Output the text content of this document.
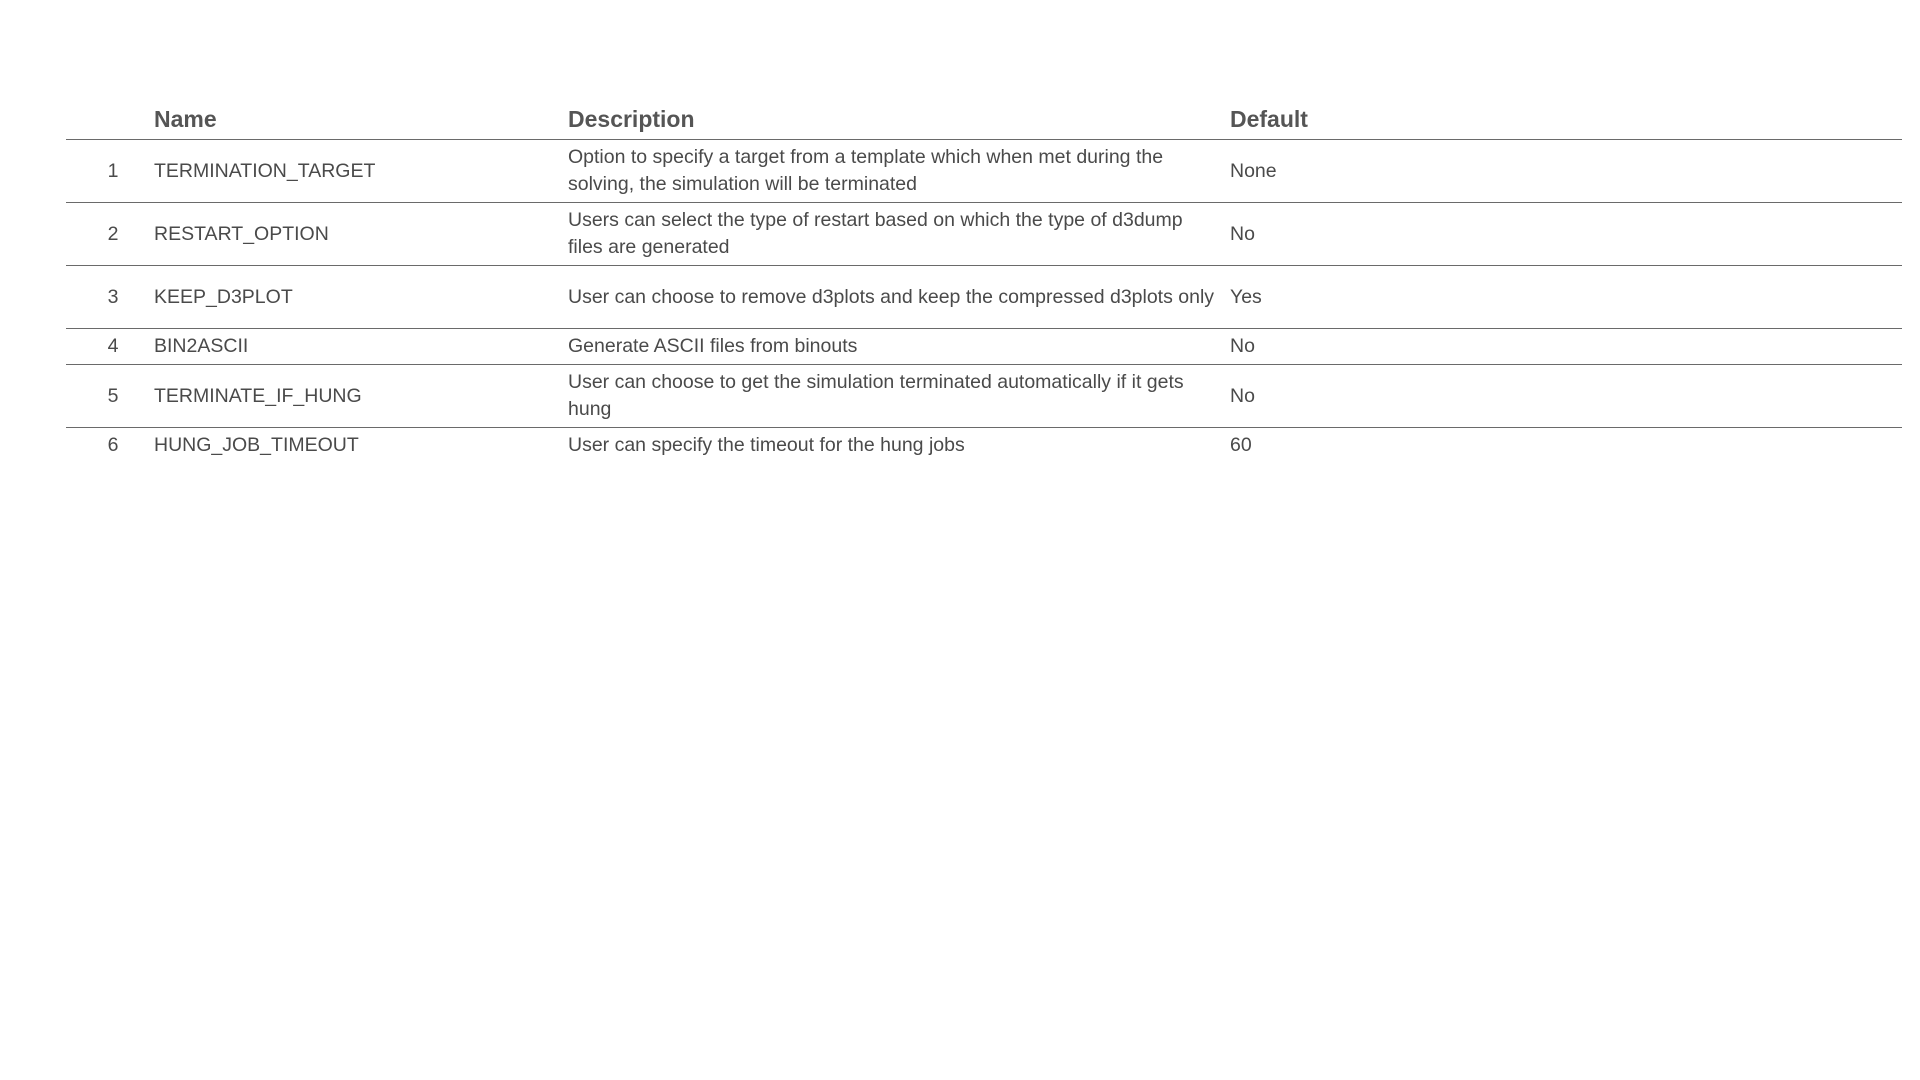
	Name	Description	Default
1	TERMINATION_TARGET	Option to specify a target from a template which when met during the solving, the simulation will be terminated	None
2	RESTART_OPTION	Users can select the type of restart based on which the type of d3dump files are generated	No
3	KEEP_D3PLOT	User can choose to remove d3plots and keep the compressed d3plots only	Yes
4	BIN2ASCII	Generate ASCII files from binouts	No
5	TERMINATE_IF_HUNG	User can choose to get the simulation terminated automatically if it gets hung	No
6	HUNG_JOB_TIMEOUT	User can specify the timeout for the hung jobs	60
